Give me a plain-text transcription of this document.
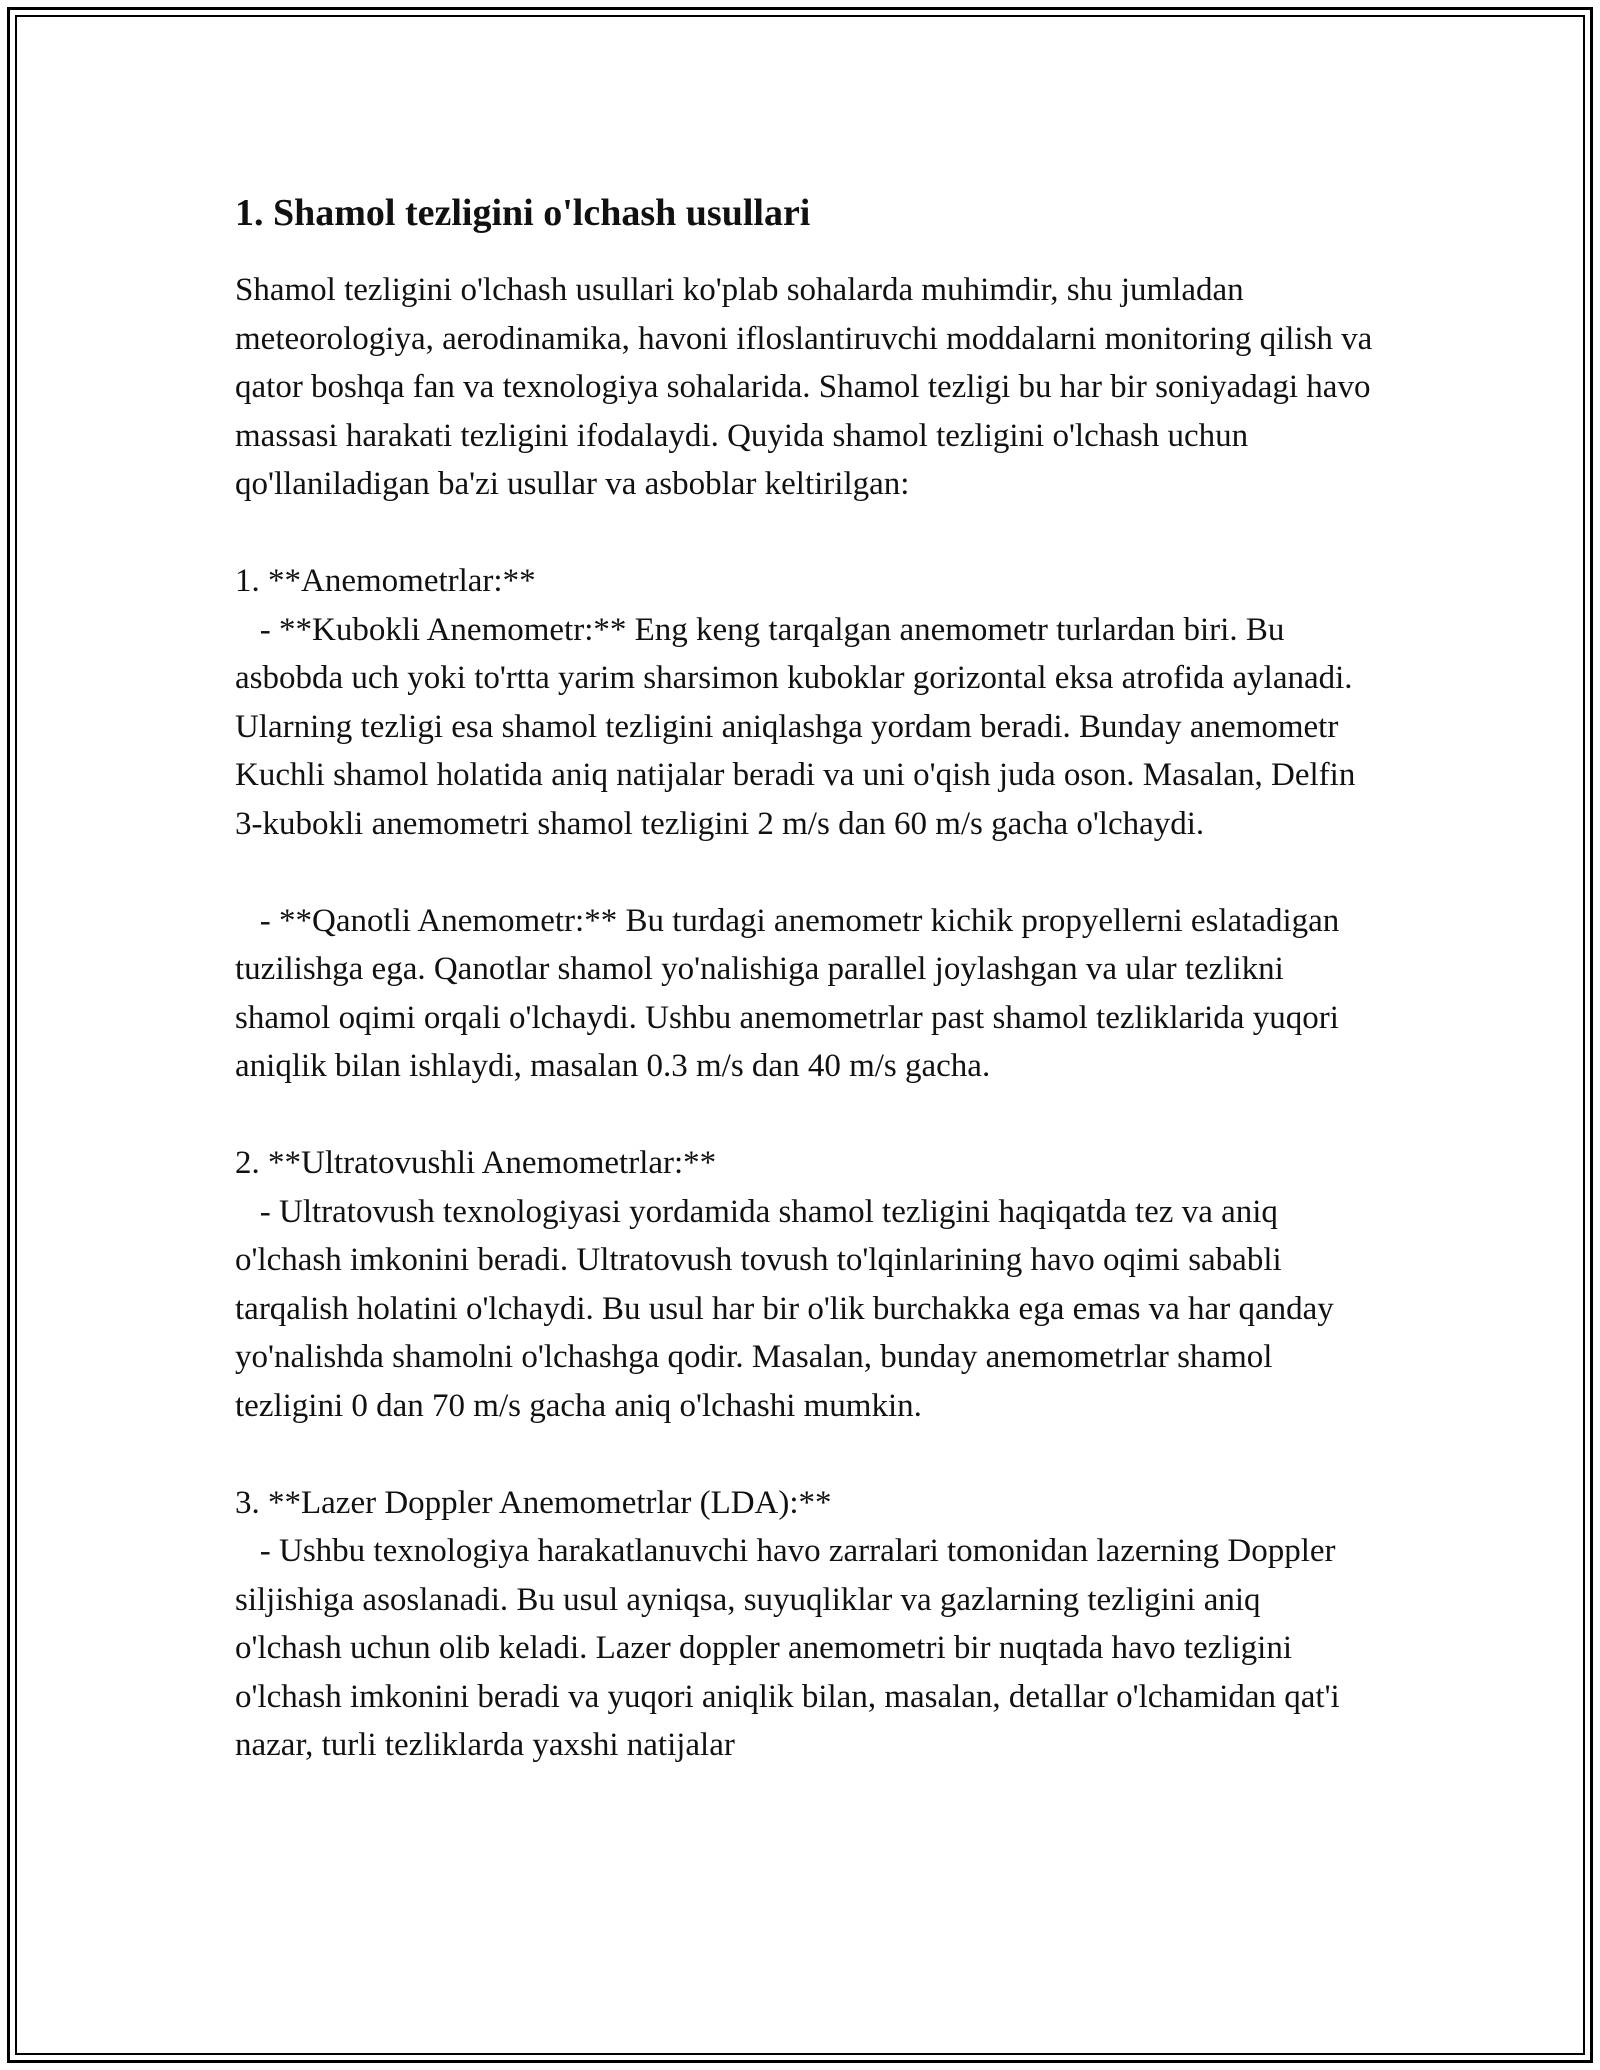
1. Shamol tezligini o'lchash usullari

Shamol tezligini o'lchash usullari ko'plab sohalarda muhimdir, shu jumladan meteorologiya, aerodinamika, havoni ifloslantiruvchi moddalarni monitoring qilish va qator boshqa fan va texnologiya sohalarida. Shamol tezligi bu har bir soniyadagi havo massasi harakati tezligini ifodalaydi. Quyida shamol tezligini o'lchash uchun qo'llaniladigan ba'zi usullar va asboblar keltirilgan:

1. **Anemometrlar:**

- **Kubokli Anemometr:** Eng keng tarqalgan anemometr turlardan biri. Bu asbobda uch yoki to'rtta yarim sharsimon kuboklar gorizontal eksa atrofida aylanadi. Ularning tezligi esa shamol tezligini aniqlashga yordam beradi. Bunday anemometr Kuchli shamol holatida aniq natijalar beradi va uni o'qish juda oson. Masalan, Delfin 3-kubokli anemometri shamol tezligini 2 m/s dan 60 m/s gacha o'lchaydi.

- **Qanotli Anemometr:** Bu turdagi anemometr kichik propyellerni eslatadigan tuzilishga ega. Qanotlar shamol yo'nalishiga parallel joylashgan va ular tezlikni shamol oqimi orqali o'lchaydi. Ushbu anemometrlar past shamol tezliklarida yuqori aniqlik bilan ishlaydi, masalan 0.3 m/s dan 40 m/s gacha.

2. **Ultratovushli Anemometrlar:**

- Ultratovush texnologiyasi yordamida shamol tezligini haqiqatda tez va aniq o'lchash imkonini beradi. Ultratovush tovush to'lqinlarining havo oqimi sababli tarqalish holatini o'lchaydi. Bu usul har bir o'lik burchakka ega emas va har qanday yo'nalishda shamolni o'lchashga qodir. Masalan, bunday anemometrlar shamol tezligini 0 dan 70 m/s gacha aniq o'lchashi mumkin.

3. **Lazer Doppler Anemometrlar (LDA):**

- Ushbu texnologiya harakatlanuvchi havo zarralari tomonidan lazerning Doppler siljishiga asoslanadi. Bu usul ayniqsa, suyuqliklar va gazlarning tezligini aniq o'lchash uchun olib keladi. Lazer doppler anemometri bir nuqtada havo tezligini o'lchash imkonini beradi va yuqori aniqlik bilan, masalan, detallar o'lchamidan qat'i nazar, turli tezliklarda yaxshi natijalar
